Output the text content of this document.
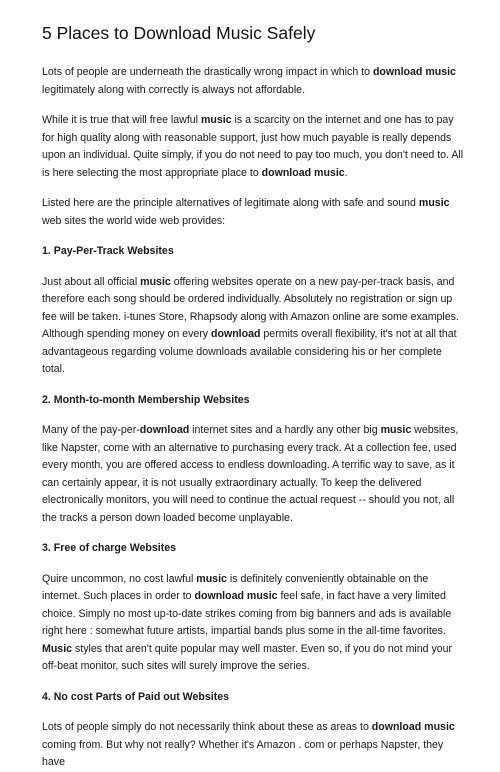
5 Places to Download Music Safely

Lots of people are underneath the drastically wrong impact in which to download music legitimately along with correctly is always not affordable.

While it is true that will free lawful music is a scarcity on the internet and one has to pay for high quality along with reasonable support, just how much payable is really depends upon an individual. Quite simply, if you do not need to pay too much, you don't need to. All is here selecting the most appropriate place to download music.

Listed here are the principle alternatives of legitimate along with safe and sound music web sites the world wide web provides:

1. Pay-Per-Track Websites

Just about all official music offering websites operate on a new pay-per-track basis, and therefore each song should be ordered individually. Absolutely no registration or sign up fee will be taken. i-tunes Store, Rhapsody along with Amazon online are some examples. Although spending money on every download permits overall flexibility, it's not at all that advantageous regarding volume downloads available considering his or her complete total.

2. Month-to-month Membership Websites

Many of the pay-per-download internet sites and a hardly any other big music websites, like Napster, come with an alternative to purchasing every track. At a collection fee, used every month, you are offered access to endless downloading. A terrific way to save, as it can certainly appear, it is not usually extraordinary actually. To keep the delivered electronically monitors, you will need to continue the actual request -- should you not, all the tracks a person down loaded become unplayable.

3. Free of charge Websites

Quire uncommon, no cost lawful music is definitely conveniently obtainable on the internet. Such places in order to download music feel safe, in fact have a very limited choice. Simply no most up-to-date strikes coming from big banners and ads is available right here : somewhat future artists, impartial bands plus some in the all-time favorites. Music styles that aren't quite popular may well master. Even so, if you do not mind your off-beat monitor, such sites will surely improve the series.

4. No cost Parts of Paid out Websites

Lots of people simply do not necessarily think about these as areas to download music coming from. But why not really? Whether it's Amazon . com or perhaps Napster, they have
